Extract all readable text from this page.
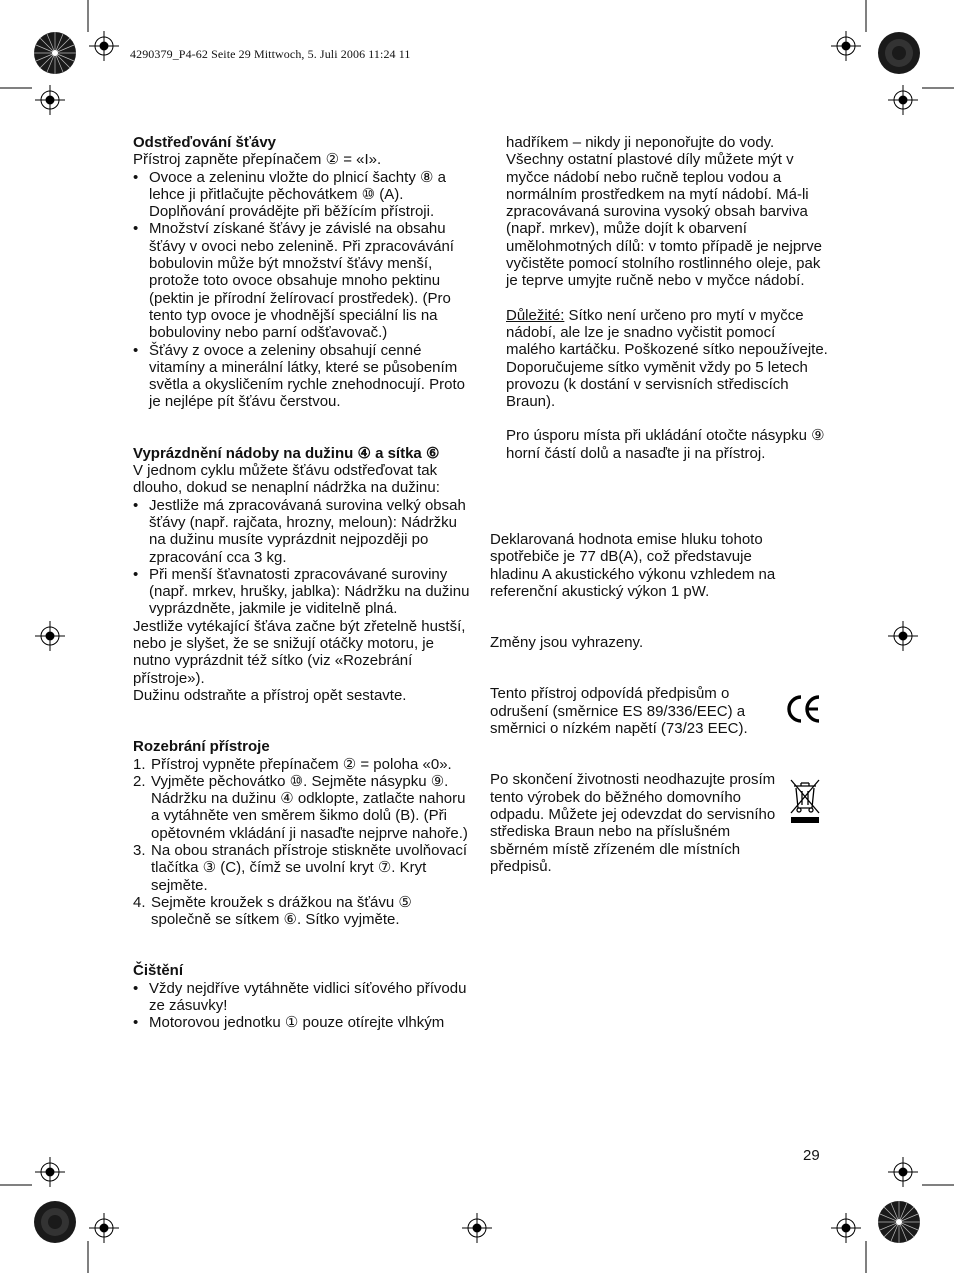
4290379_P4-62 Seite 29 Mittwoch, 5. Juli 2006 11:24 11

Odstřeďování šťávy

Přístroj zapněte přepínačem ② = «I».

• Ovoce a zeleninu vložte do plnicí šachty ⑧ a lehce ji přitlačujte pěchovátkem ⑩ (A). Doplňování provádějte při běžícím přístroji.
• Množství získané šťávy je závislé na obsahu šťávy v ovoci nebo zelenině. Při zpracovávání bobulovin může být množství šťávy menší, protože toto ovoce obsahuje mnoho pektinu (pektin je přírodní želírovací prostředek). (Pro tento typ ovoce je vhodnější speciální lis na bobuloviny nebo parní odšťavovač.)
• Šťávy z ovoce a zeleniny obsahují cenné vitamíny a minerální látky, které se působením světla a okysličením rychle znehodnocují. Proto je nejlépe pít šťávu čerstvou.

Vyprázdnění nádoby na dužinu ④ a sítka ⑥

V jednom cyklu můžete šťávu odstřeďovat tak dlouho, dokud se nenaplní nádržka na dužinu:

• Jestliže má zpracovávaná surovina velký obsah šťávy (např. rajčata, hrozny, meloun): Nádržku na dužinu musíte vyprázdnit nejpozději po zpracování cca 3 kg.
• Při menší šťavnatosti zpracovávané suroviny (např. mrkev, hrušky, jablka): Nádržku na dužinu vyprázdněte, jakmile je viditelně plná.

Jestliže vytékající šťáva začne být zřetelně hustší, nebo je slyšet, že se snižují otáčky motoru, je nutno vyprázdnit též sítko (viz «Rozebrání přístroje»).

Dužinu odstraňte a přístroj opět sestavte.

Rozebrání přístroje

1. Přístroj vypněte přepínačem ② = poloha «0».
2. Vyjměte pěchovátko ⑩. Sejměte násypku ⑨. Nádržku na dužinu ④ odklopte, zatlačte nahoru a vytáhněte ven směrem šikmo dolů (B). (Při opětovném vkládání ji nasaďte nejprve nahoře.)
3. Na obou stranách přístroje stiskněte uvolňovací tlačítka ③ (C), čímž se uvolní kryt ⑦. Kryt sejměte.
4. Sejměte kroužek s drážkou na šťávu ⑤ společně se sítkem ⑥. Sítko vyjměte.

Čištění

• Vždy nejdříve vytáhněte vidlici síťového přívodu ze zásuvky!
• Motorovou jednotku ① pouze otírejte vlhkým

hadříkem – nikdy ji neponořujte do vody. Všechny ostatní plastové díly můžete mýt v myčce nádobí nebo ručně teplou vodou a normálním prostředkem na mytí nádobí. Má-li zpracovávaná surovina vysoký obsah barviva (např. mrkev), může dojít k obarvení umělohmotných dílů: v tomto případě je nejprve vyčistěte pomocí stolního rostlinného oleje, pak je teprve umyjte ručně nebo v myčce nádobí.

Důležité: Sítko není určeno pro mytí v myčce nádobí, ale lze je snadno vyčistit pomocí malého kartáčku. Poškozené sítko nepoužívejte. Doporučujeme sítko vyměnit vždy po 5 letech provozu (k dostání v servisních střediscích Braun).

Pro úsporu místa při ukládání otočte násypku ⑨ horní částí dolů a nasaďte ji na přístroj.

Deklarovaná hodnota emise hluku tohoto spotřebiče je 77 dB(A), což představuje hladinu A akustického výkonu vzhledem na referenční akustický výkon 1 pW.

Změny jsou vyhrazeny.

Tento přístroj odpovídá předpisům o odrušení (směrnice ES 89/336/EEC) a směrnici o nízkém napětí (73/23 EEC).

Po skončení životnosti neodhazujte prosím tento výrobek do běžného domovního odpadu. Můžete jej odevzdat do servisního střediska Braun nebo na příslušném sběrném místě zřízeném dle místních předpisů.

29
